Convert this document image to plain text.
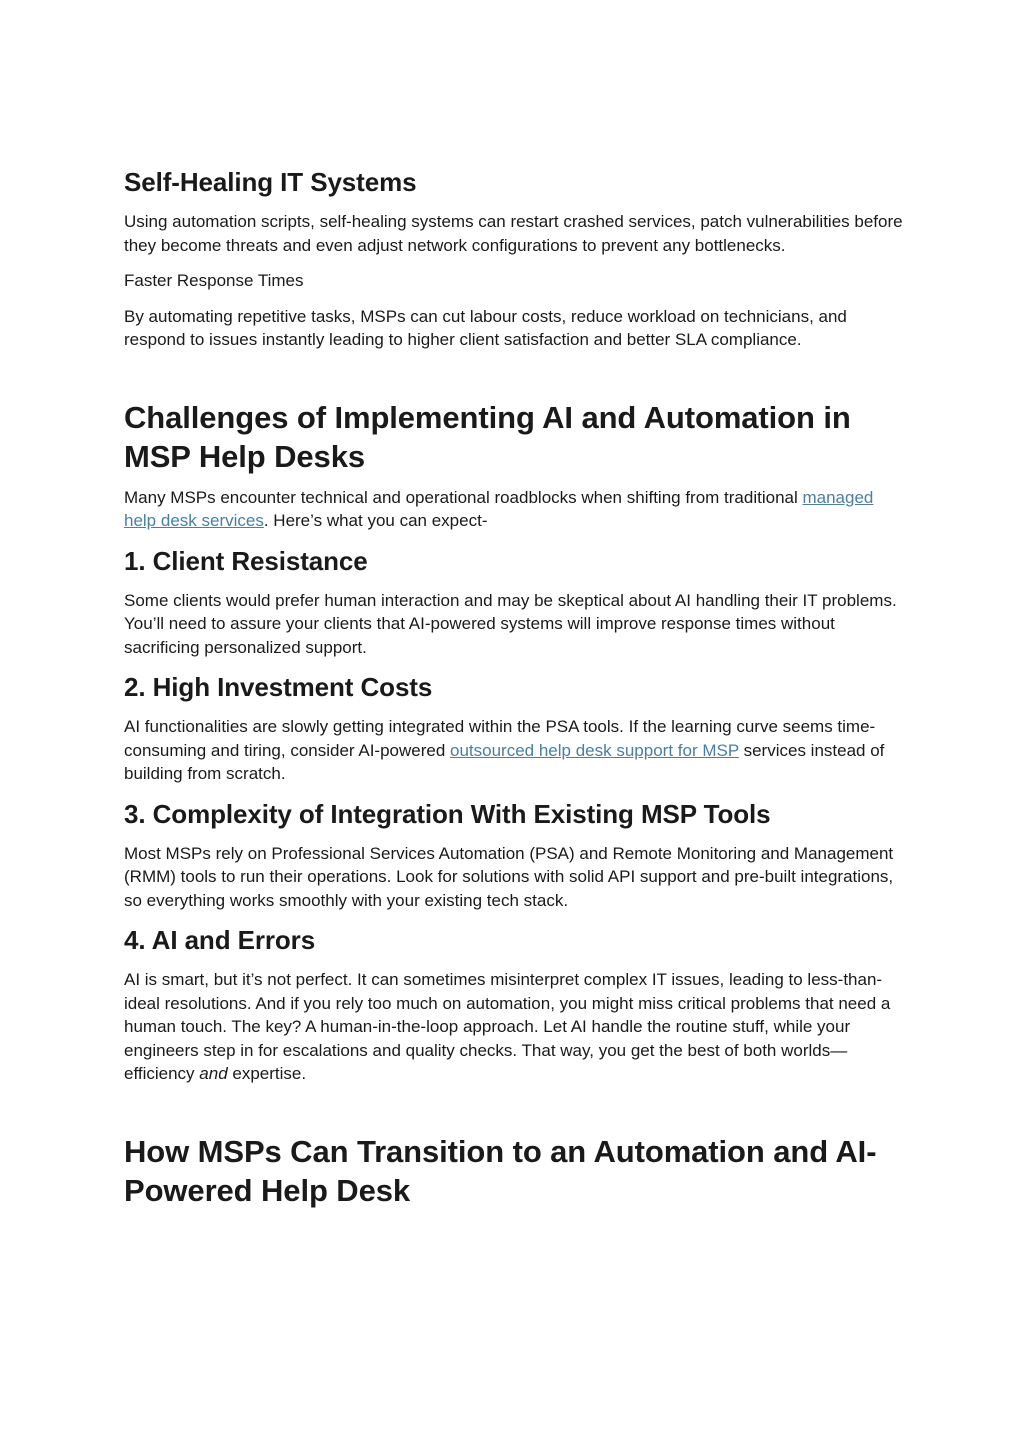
Self-Healing IT Systems

Using automation scripts, self-healing systems can restart crashed services, patch vulnerabilities before they become threats and even adjust network configurations to prevent any bottlenecks.

Faster Response Times

By automating repetitive tasks, MSPs can cut labour costs, reduce workload on technicians, and respond to issues instantly leading to higher client satisfaction and better SLA compliance.

Challenges of Implementing AI and Automation in MSP Help Desks

Many MSPs encounter technical and operational roadblocks when shifting from traditional managed help desk services. Here’s what you can expect-

1. Client Resistance

Some clients would prefer human interaction and may be skeptical about AI handling their IT problems. You’ll need to assure your clients that AI-powered systems will improve response times without sacrificing personalized support.

2. High Investment Costs

AI functionalities are slowly getting integrated within the PSA tools. If the learning curve seems time-consuming and tiring, consider AI-powered outsourced help desk support for MSP services instead of building from scratch.

3. Complexity of Integration With Existing MSP Tools

Most MSPs rely on Professional Services Automation (PSA) and Remote Monitoring and Management (RMM) tools to run their operations. Look for solutions with solid API support and pre-built integrations, so everything works smoothly with your existing tech stack.

4. AI and Errors

AI is smart, but it’s not perfect. It can sometimes misinterpret complex IT issues, leading to less-than-ideal resolutions. And if you rely too much on automation, you might miss critical problems that need a human touch. The key? A human-in-the-loop approach. Let AI handle the routine stuff, while your engineers step in for escalations and quality checks. That way, you get the best of both worlds—efficiency and expertise.

How MSPs Can Transition to an Automation and AI-Powered Help Desk
